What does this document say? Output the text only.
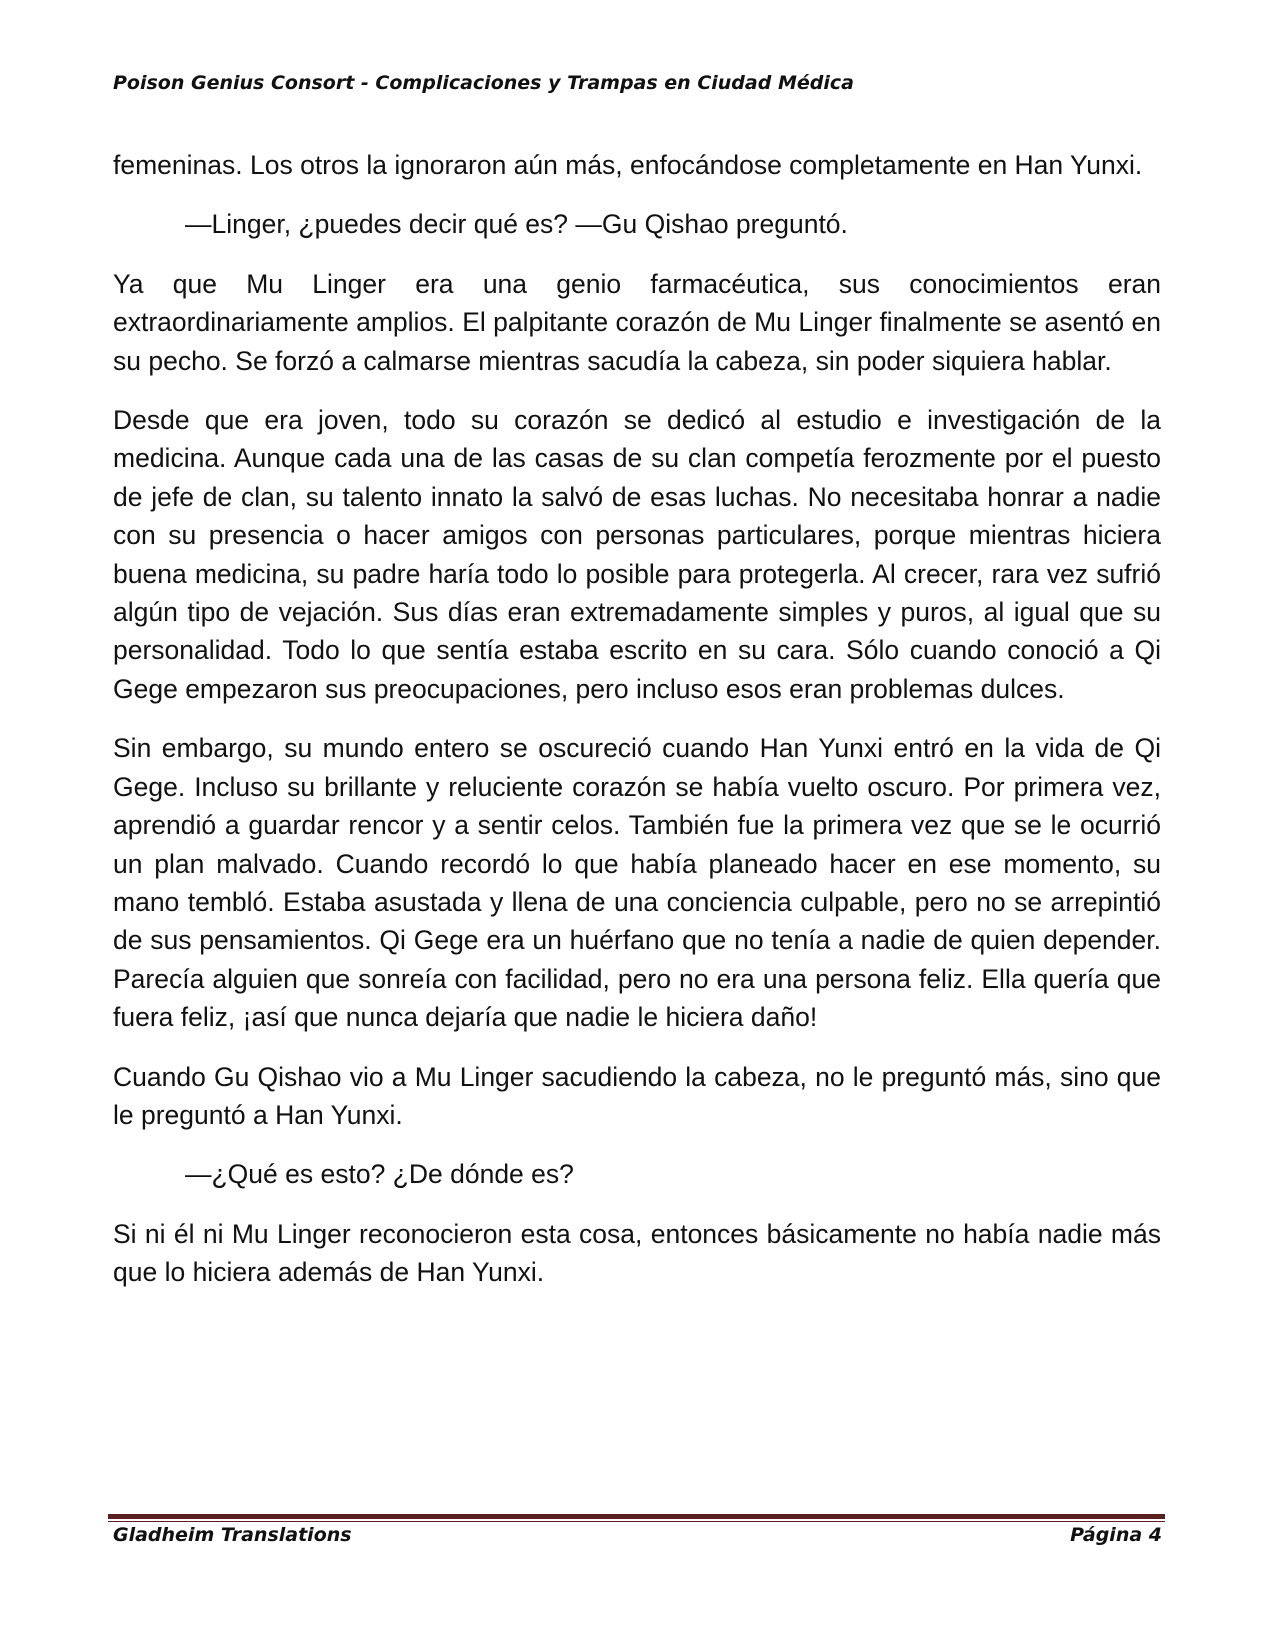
Poison Genius Consort - Complicaciones y Trampas en Ciudad Médica

femeninas. Los otros la ignoraron aún más, enfocándose completamente en Han Yunxi.

—Linger, ¿puedes decir qué es? —Gu Qishao preguntó.

Ya que Mu Linger era una genio farmacéutica, sus conocimientos eran extraordinariamente amplios. El palpitante corazón de Mu Linger finalmente se asentó en su pecho. Se forzó a calmarse mientras sacudía la cabeza, sin poder siquiera hablar.

Desde que era joven, todo su corazón se dedicó al estudio e investigación de la medicina. Aunque cada una de las casas de su clan competía ferozmente por el puesto de jefe de clan, su talento innato la salvó de esas luchas. No necesitaba honrar a nadie con su presencia o hacer amigos con personas particulares, porque mientras hiciera buena medicina, su padre haría todo lo posible para protegerla. Al crecer, rara vez sufrió algún tipo de vejación. Sus días eran extremadamente simples y puros, al igual que su personalidad. Todo lo que sentía estaba escrito en su cara. Sólo cuando conoció a Qi Gege empezaron sus preocupaciones, pero incluso esos eran problemas dulces.

Sin embargo, su mundo entero se oscureció cuando Han Yunxi entró en la vida de Qi Gege. Incluso su brillante y reluciente corazón se había vuelto oscuro. Por primera vez, aprendió a guardar rencor y a sentir celos. También fue la primera vez que se le ocurrió un plan malvado. Cuando recordó lo que había planeado hacer en ese momento, su mano tembló. Estaba asustada y llena de una conciencia culpable, pero no se arrepintió de sus pensamientos. Qi Gege era un huérfano que no tenía a nadie de quien depender. Parecía alguien que sonreía con facilidad, pero no era una persona feliz. Ella quería que fuera feliz, ¡así que nunca dejaría que nadie le hiciera daño!

Cuando Gu Qishao vio a Mu Linger sacudiendo la cabeza, no le preguntó más, sino que le preguntó a Han Yunxi.

—¿Qué es esto? ¿De dónde es?

Si ni él ni Mu Linger reconocieron esta cosa, entonces básicamente no había nadie más que lo hiciera además de Han Yunxi.

Gladheim Translations	Página 4
